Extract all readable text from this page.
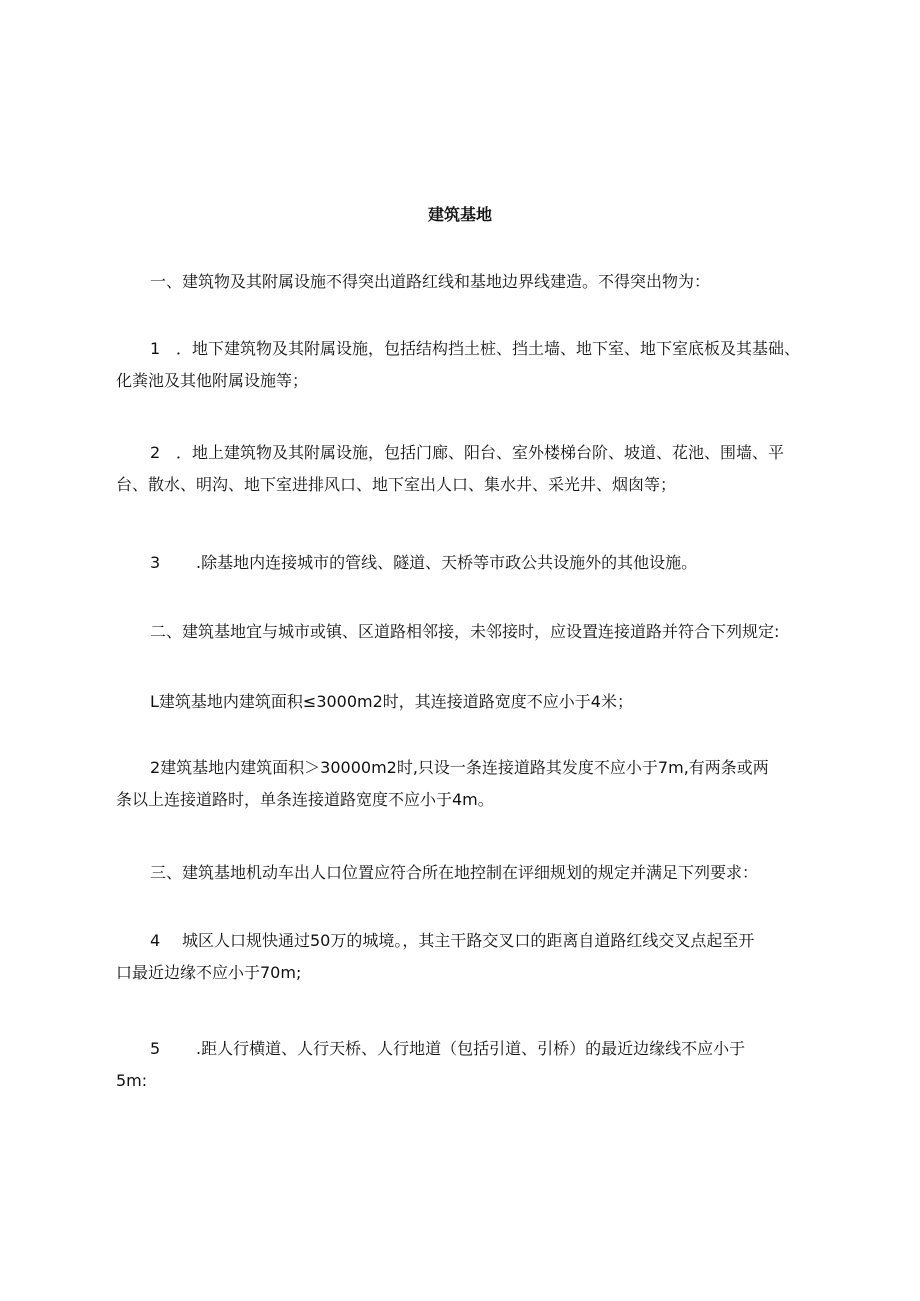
建筑基地
一、建筑物及其附属设施不得突出道路红线和基地边界线建造。不得突出物为：
1 ．地下建筑物及其附属设施，包括结构挡土桩、挡土墙、地下室、地下室底板及其基础、
化粪池及其他附属设施等；
2 ．地上建筑物及其附属设施，包括门廊、阳台、室外楼梯台阶、坡道、花池、围墙、平
台、散水、明沟、地下室进排风口、地下室出人口、集水井、采光井、烟囱等；
3 .除基地内连接城市的管线、隧道、天桥等市政公共设施外的其他设施。
二、建筑基地宜与城市或镇、区道路相邻接，未邻接时，应设置连接道路并符合下列规定:
L建筑基地内建筑面积≤3000m2时，其连接道路宽度不应小于4米；
2建筑基地内建筑面积＞30000m2时,只设一条连接道路其发度不应小于7m,有两条或两
条以上连接道路时，单条连接道路宽度不应小于4m。
三、建筑基地机动车出人口位置应符合所在地控制在评细规划的规定并满足下列要求：
4 城区人口规快通过50万的城境。，其主干路交叉口的距离自道路红线交叉点起至开
口最近边缘不应小于70m;
5 .距人行横道、人行天桥、人行地道（包括引道、引桥）的最近边缘线不应小于
5m:
